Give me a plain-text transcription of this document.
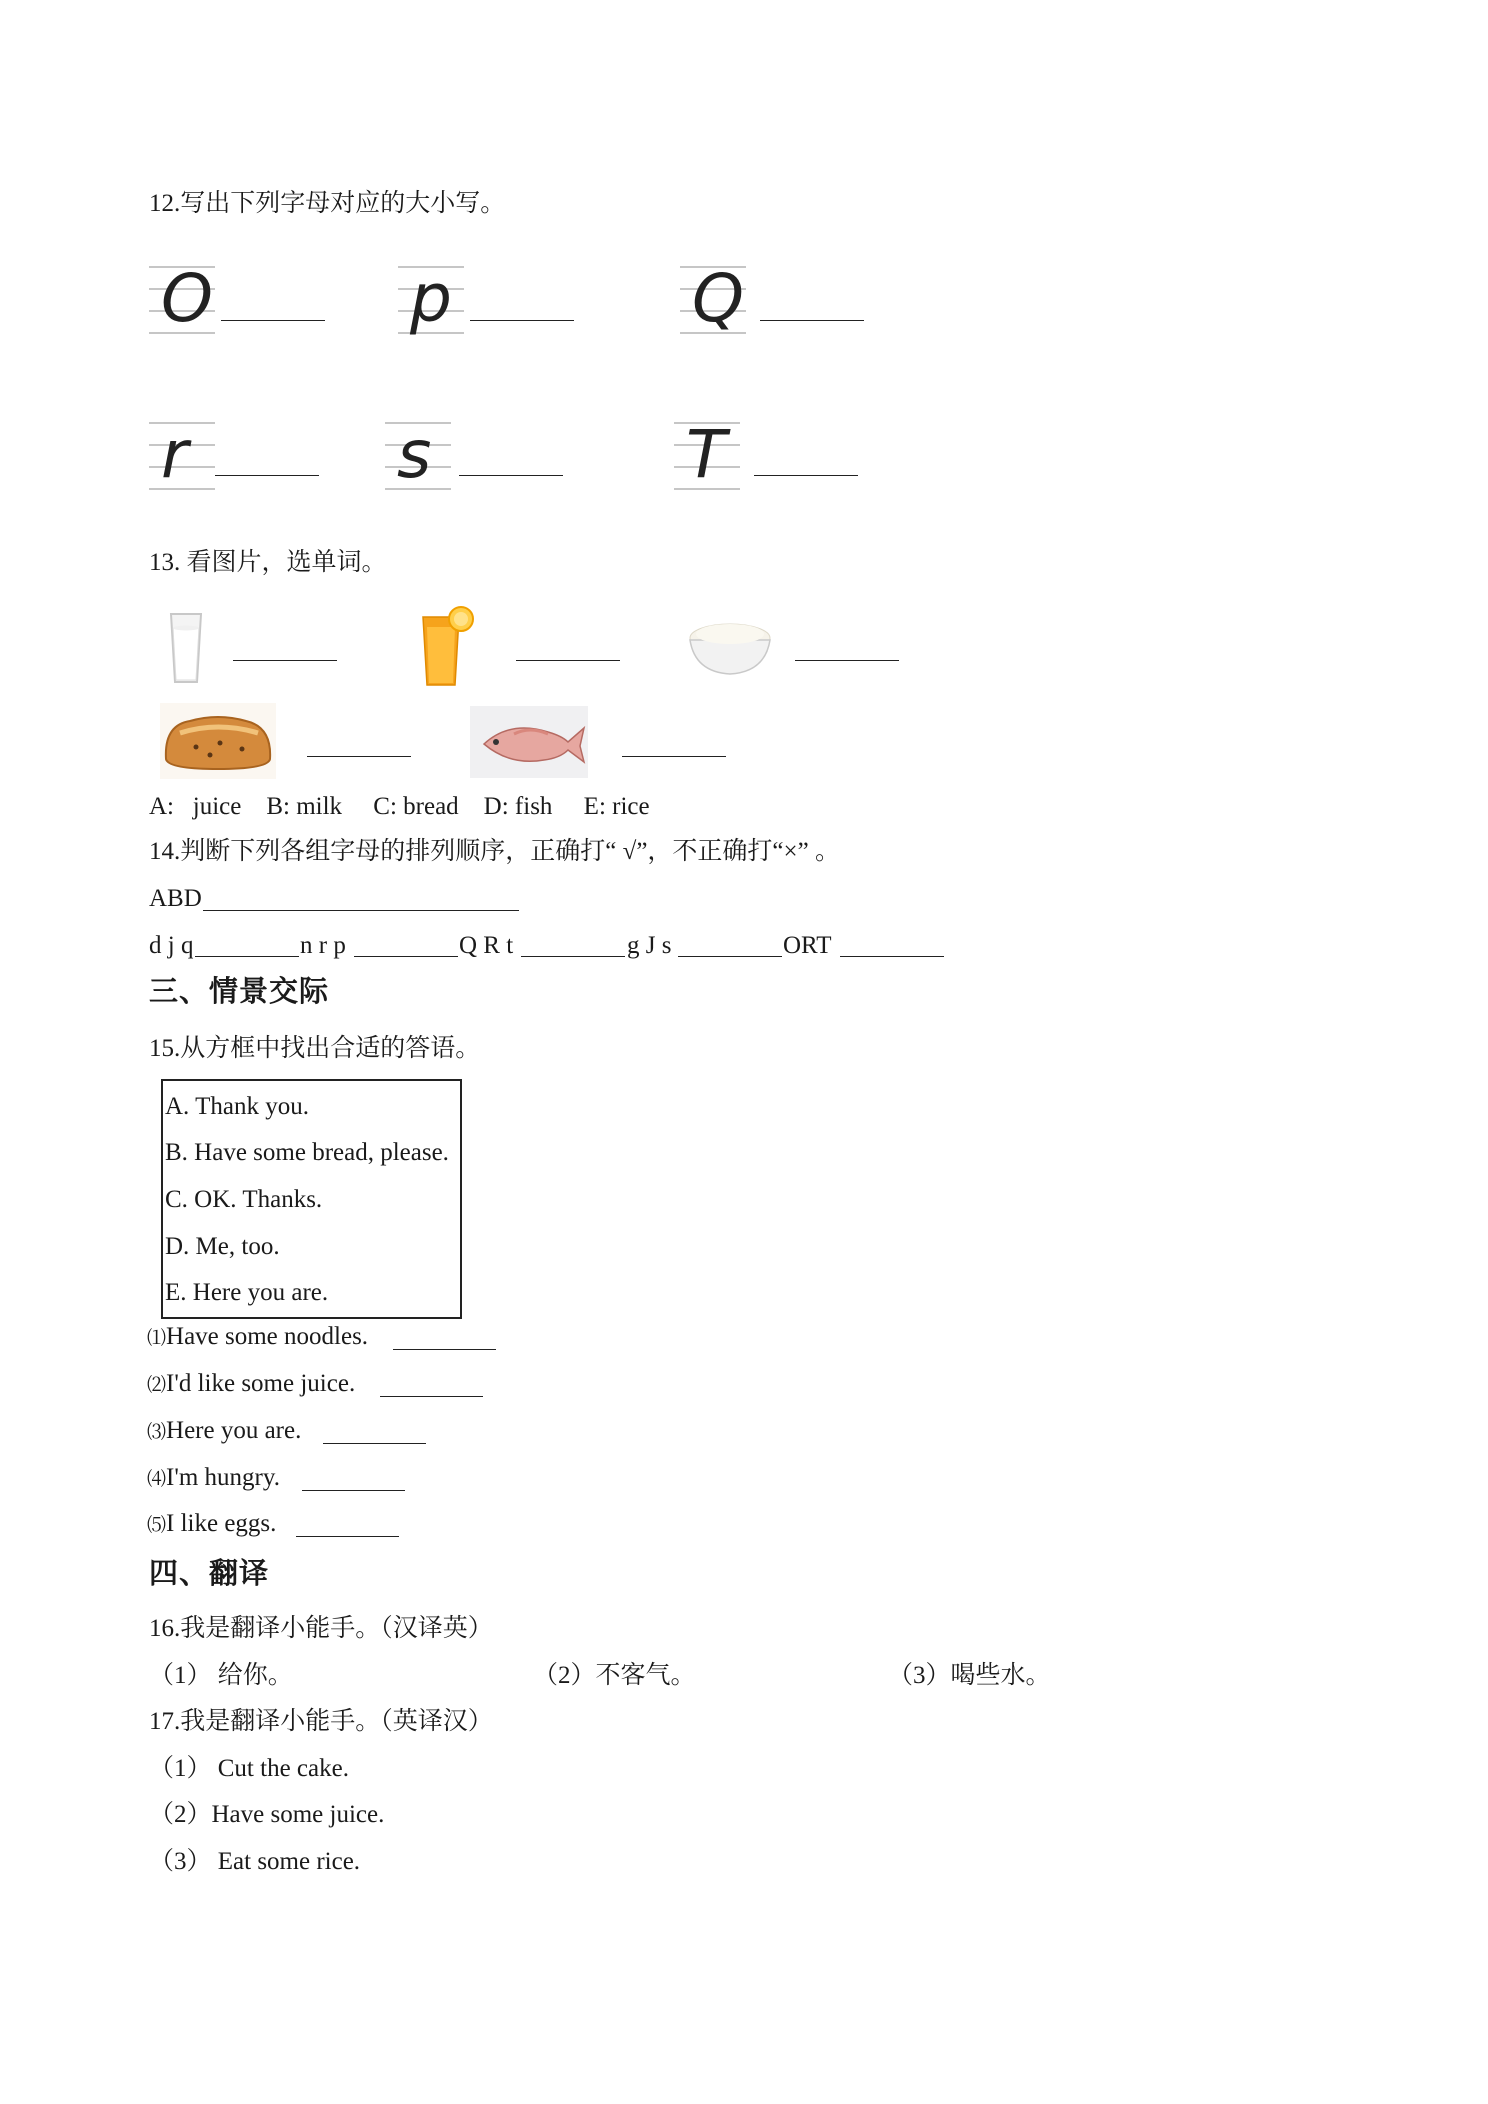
12.写出下列字母对应的大小写。
O	p	Q
r	s	T
13. 看图片，选单词。
A:   juice    B: milk     C: bread    D: fish     E: rice
14.判断下列各组字母的排列顺序，正确打“ √”，不正确打“×” 。
ABD
d j q	n r p	Q R t	g J s	ORT
三、情景交际
15.从方框中找出合适的答语。
A. Thank you.
B. Have some bread, please.
C. OK. Thanks.
D. Me, too.
E. Here you are.
⑴Have some noodles.
⑵I'd like some juice.
⑶Here you are.
⑷I'm hungry.
⑸I like eggs.
四、翻译
16.我是翻译小能手。（汉译英）
（1） 给你。	（2）不客气。	（3）喝些水。
17.我是翻译小能手。（英译汉）
（1） Cut the cake.
（2）Have some juice.
（3） Eat some rice.
